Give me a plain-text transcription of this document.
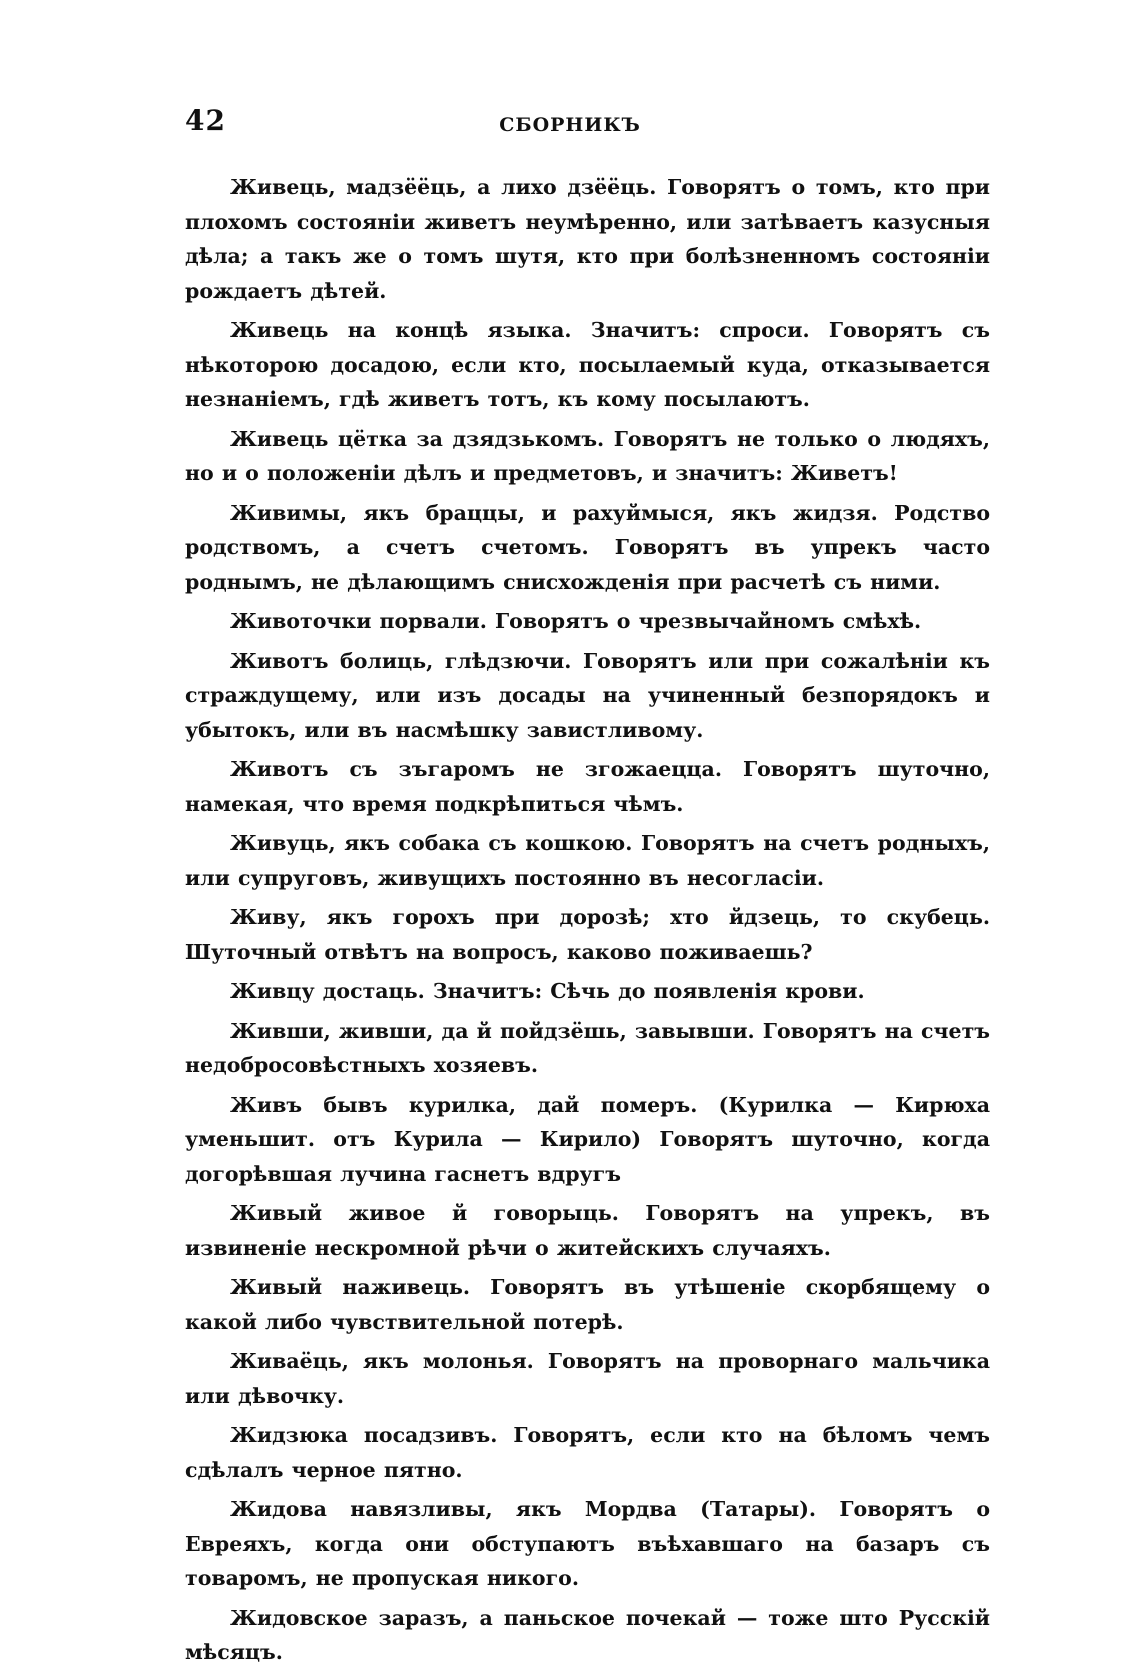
42	СБОРНИКЪ

Живець, мадзёёць, а лихо дзёёць. Говорятъ о томъ, кто при плохомъ состояніи живетъ неумѣренно, или затѣваетъ казусныя дѣла; а такъ же о томъ шутя, кто при болѣзненномъ состояніи рождаетъ дѣтей.

Живець на концѣ языка. Значитъ: спроси. Говорятъ съ нѣкоторою досадою, если кто, посылаемый куда, отказывается незнаніемъ, гдѣ живетъ тотъ, къ кому посылаютъ.

Живець цётка за дзядзькомъ. Говорятъ не только о людяхъ, но и о положеніи дѣлъ и предметовъ, и значитъ: Живетъ!

Живимы, якъ браццы, и рахуймыся, якъ жидзя. Родство родствомъ, а счетъ счетомъ. Говорятъ въ упрекъ часто роднымъ, не дѣлающимъ снисхожденія при расчетѣ съ ними.

Животочки порвали. Говорятъ о чрезвычайномъ смѣхѣ.

Животъ болиць, глѣдзючи. Говорятъ или при сожалѣніи къ страждущему, или изъ досады на учиненный безпорядокъ и убытокъ, или въ насмѣшку завистливому.

Животъ съ зъгаромъ не згожаецца. Говорятъ шуточно, намекая, что время подкрѣпиться чѣмъ.

Живуць, якъ собака съ кошкою. Говорятъ на счетъ родныхъ, или супруговъ, живущихъ постоянно въ несогласіи.

Живу, якъ горохъ при дорозѣ; хто йдзець, то скубець. Шуточный отвѣтъ на вопросъ, каково поживаешь?

Живцу достаць. Значитъ: Сѣчь до появленія крови.

Живши, живши, да й пойдзёшь, завывши. Говорятъ на счетъ недобросовѣстныхъ хозяевъ.

Живъ бывъ курилка, дай померъ. (Курилка — Кирюха уменьшит. отъ Курила — Кирило) Говорятъ шуточно, когда догорѣвшая лучина гаснетъ вдругъ

Живый живое й говорыць. Говорятъ на упрекъ, въ извиненіе нескромной рѣчи о житейскихъ случаяхъ.

Живый наживець. Говорятъ въ утѣшеніе скорбящему о какой либо чувствительной потерѣ.

Живаёць, якъ молонья. Говорятъ на проворнаго мальчика или дѣвочку.

Жидзюка посадзивъ. Говорятъ, если кто на бѣломъ чемъ сдѣлалъ черное пятно.

Жидова навязливы, якъ Мордва (Татары). Говорятъ о Евреяхъ, когда они обступаютъ въѣхавшаго на базаръ съ товаромъ, не пропуская никого.

Жидовское заразъ, а паньское почекай — тоже што Русскій мѣсяцъ.
